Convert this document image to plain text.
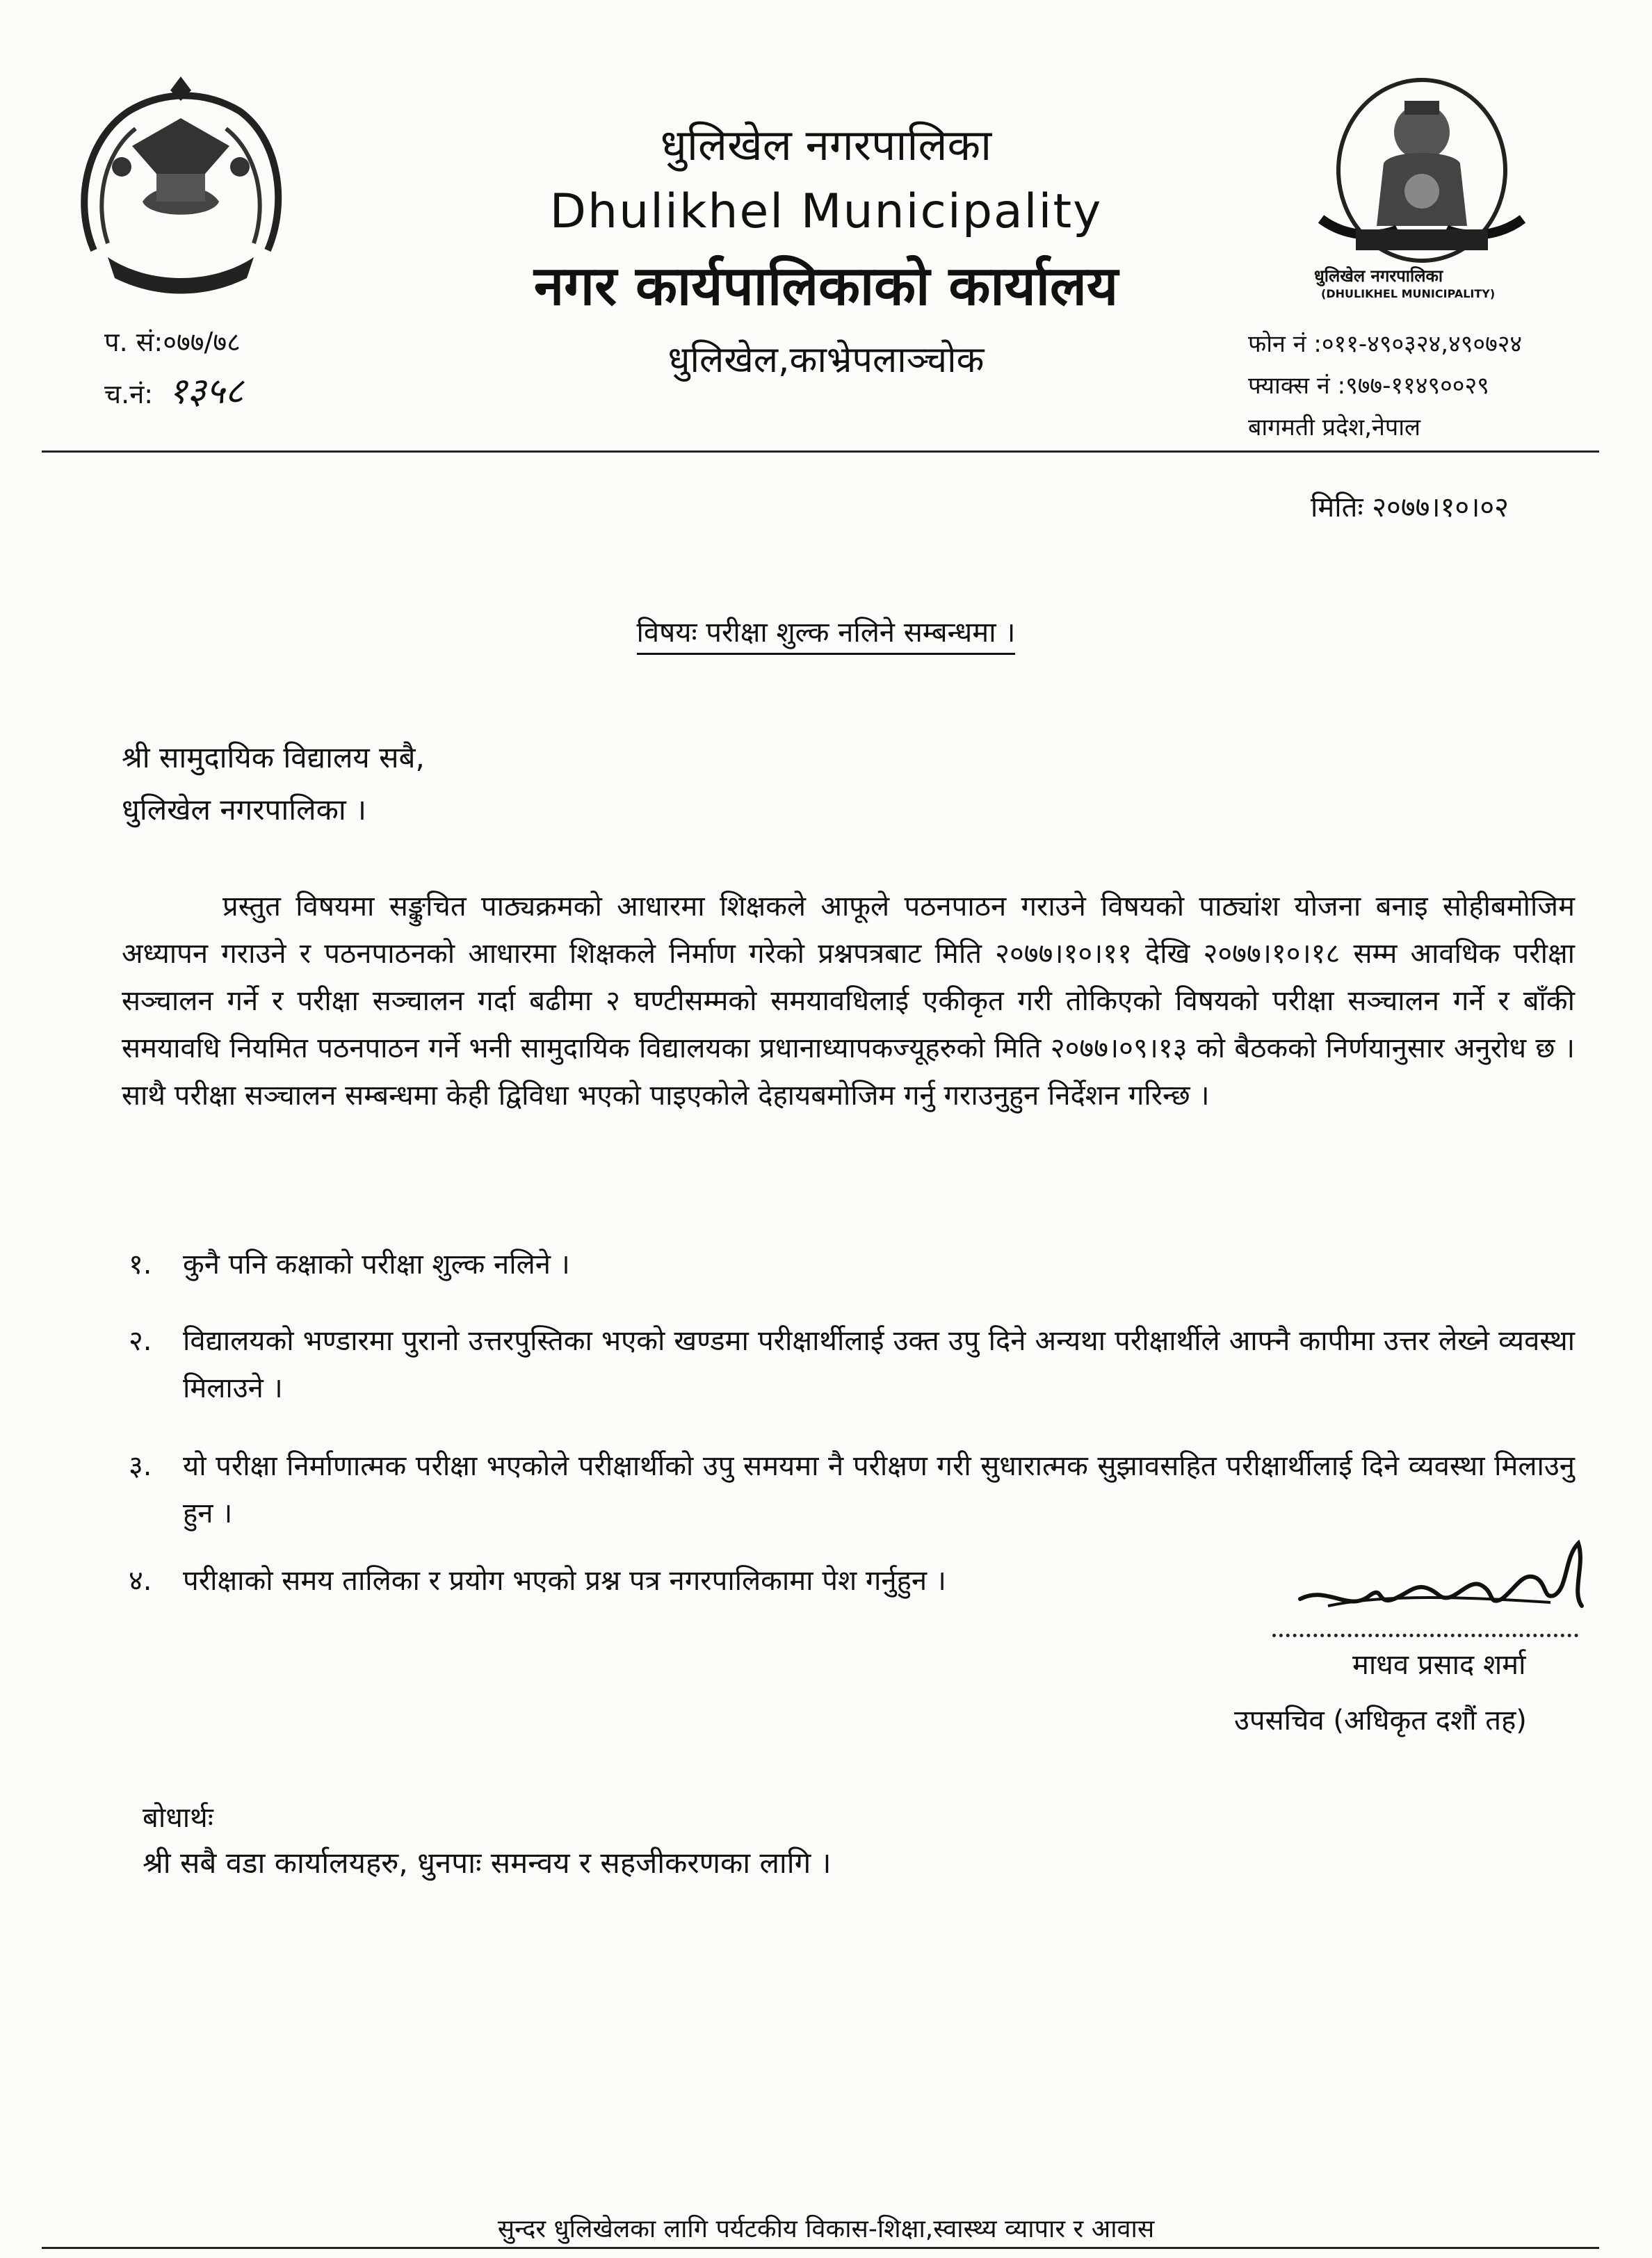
धुलिखेल नगरपालिका
(DHULIKHEL MUNICIPALITY)
धुलिखेल नगरपालिका
Dhulikhel Municipality
नगर कार्यपालिकाको कार्यालय
धुलिखेल,काभ्रेपलाञ्चोक
प. सं:०७७/७८
च.नं: १३५८
फोन नं :०११-४९०३२४,४९०७२४
फ्याक्स नं :९७७-११४९००२९
बागमती प्रदेश,नेपाल
मितिः २०७७।१०।०२
विषयः परीक्षा शुल्क नलिने सम्बन्धमा ।
श्री सामुदायिक विद्यालय सबै,
धुलिखेल नगरपालिका ।

प्रस्तुत विषयमा सङ्कुचित पाठ्यक्रमको आधारमा शिक्षकले आफूले पठनपाठन गराउने विषयको पाठ्यांश योजना बनाइ सोहीबमोजिम अध्यापन गराउने र पठनपाठनको आधारमा शिक्षकले निर्माण गरेको प्रश्नपत्रबाट मिति २०७७।१०।११ देखि २०७७।१०।१८ सम्म आवधिक परीक्षा सञ्चालन गर्ने र परीक्षा सञ्चालन गर्दा बढीमा २ घण्टीसम्मको समयावधिलाई एकीकृत गरी तोकिएको विषयको परीक्षा सञ्चालन गर्ने र बाँकी समयावधि नियमित पठनपाठन गर्ने भनी सामुदायिक विद्यालयका प्रधानाध्यापकज्यूहरुको मिति २०७७।०९।१३ को बैठकको निर्णयानुसार अनुरोध छ । साथै परीक्षा सञ्चालन सम्बन्धमा केही द्विविधा भएको पाइएकोले देहायबमोजिम गर्नु गराउनुहुन निर्देशन गरिन्छ ।

१. कुनै पनि कक्षाको परीक्षा शुल्क नलिने ।
२. विद्यालयको भण्डारमा पुरानो उत्तरपुस्तिका भएको खण्डमा परीक्षार्थीलाई उक्त उपु दिने अन्यथा परीक्षार्थीले आफ्नै कापीमा उत्तर लेख्ने व्यवस्था मिलाउने ।
३. यो परीक्षा निर्माणात्मक परीक्षा भएकोले परीक्षार्थीको उपु समयमा नै परीक्षण गरी सुधारात्मक सुझावसहित परीक्षार्थीलाई दिने व्यवस्था मिलाउनु हुन ।
४. परीक्षाको समय तालिका र प्रयोग भएको प्रश्न पत्र नगरपालिकामा पेश गर्नुहुन ।
माधव प्रसाद शर्मा
उपसचिव (अधिकृत दशौं तह)
बोधार्थः
श्री सबै वडा कार्यालयहरु, धुनपाः समन्वय र सहजीकरणका लागि ।
सुन्दर धुलिखेलका लागि पर्यटकीय विकास-शिक्षा,स्वास्थ्य व्यापार र आवास
